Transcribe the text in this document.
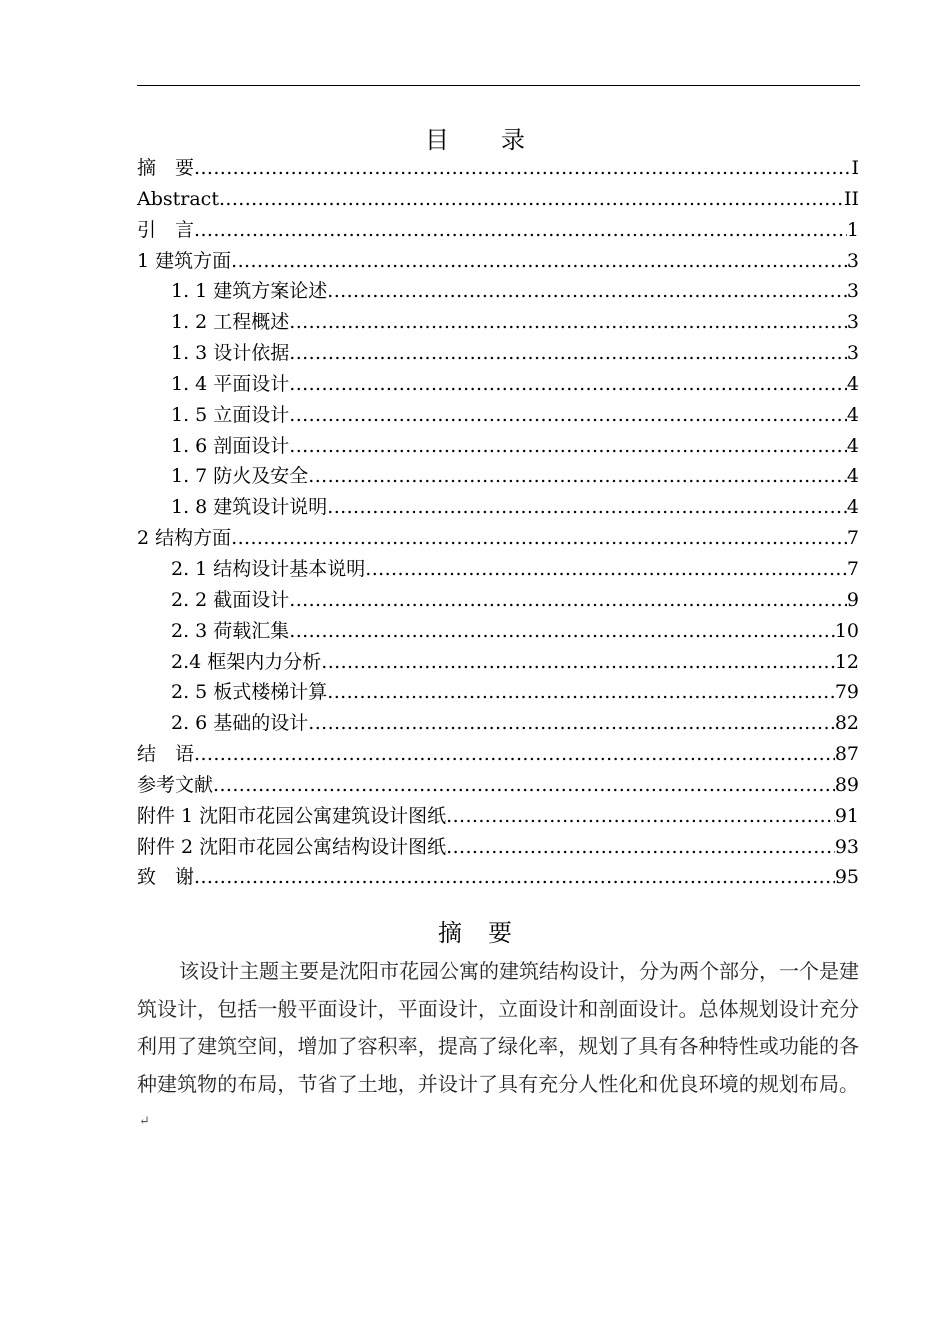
目 录
摘　要 .....	I
Abstract .....	II
引　言 .....	1
1 建筑方面 .....	3
1. 1 建筑方案论述 .....	3
1. 2 工程概述 .....	3
1. 3 设计依据 .....	3
1. 4 平面设计 .....	4
1. 5 立面设计 .....	4
1. 6 剖面设计 .....	4
1. 7 防火及安全 .....	4
1. 8 建筑设计说明 .....	4
2 结构方面 .....	7
2. 1 结构设计基本说明 .....	7
2. 2 截面设计 .....	9
2. 3 荷载汇集 .....	10
2.4 框架内力分析 .....	12
2. 5 板式楼梯计算 .....	79
2. 6 基础的设计 .....	82
结　语 .....	87
参考文献 .....	89
附件 1 沈阳市花园公寓建筑设计图纸 .....	91
附件 2 沈阳市花园公寓结构设计图纸 .....	93
致　谢 .....	95
摘 要
该设计主题主要是沈阳市花园公寓的建筑结构设计，分为两个部分，一个是建筑设计，包括一般平面设计，平面设计，立面设计和剖面设计。总体规划设计充分利用了建筑空间，增加了容积率，提高了绿化率，规划了具有各种特性或功能的各种建筑物的布局，节省了土地，并设计了具有充分人性化和优良环境的规划布局。↵
